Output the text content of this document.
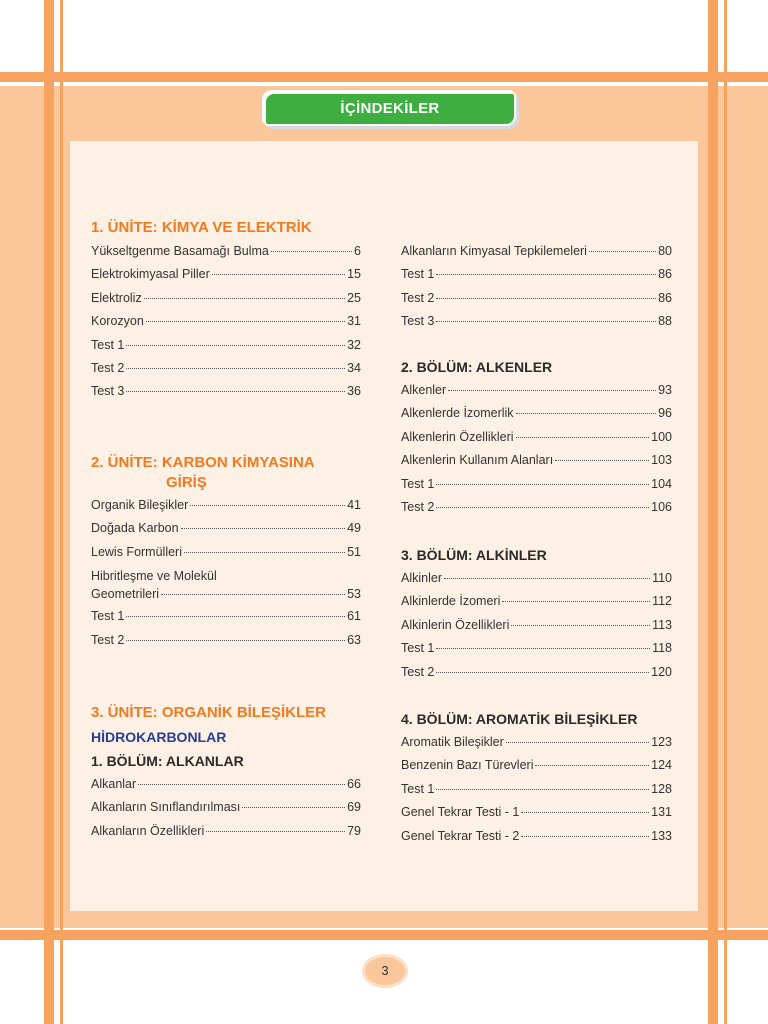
İÇİNDEKİLER
1. ÜNİTE: KİMYA VE ELEKTRİK
Yükseltgenme Basamağı Bulma	6
Elektrokimyasal Piller	15
Elektroliz	25
Korozyon	31
Test 1	32
Test 2	34
Test 3	36
2. ÜNİTE: KARBON KİMYASINA
GİRİŞ
Organik Bileşikler	41
Doğada Karbon	49
Lewis Formülleri	51
Hibritleşme ve Molekül
Geometrileri	53
Test 1	61
Test 2	63
3. ÜNİTE: ORGANİK BİLEŞİKLER
HİDROKARBONLAR
1. BÖLÜM: ALKANLAR
Alkanlar	66
Alkanların Sınıflandırılması	69
Alkanların Özellikleri	79
Alkanların Kimyasal Tepkilemeleri	80
Test 1	86
Test 2	86
Test 3	88
2. BÖLÜM: ALKENLER
Alkenler	93
Alkenlerde İzomerlik	96
Alkenlerin Özellikleri	100
Alkenlerin Kullanım Alanları	103
Test 1	104
Test 2	106
3. BÖLÜM: ALKİNLER
Alkinler	110
Alkinlerde İzomeri	112
Alkinlerin Özellikleri	113
Test 1	118
Test 2	120
4. BÖLÜM: AROMATİK BİLEŞİKLER
Aromatik Bileşikler	123
Benzenin Bazı Türevleri	124
Test 1	128
Genel Tekrar Testi - 1	131
Genel Tekrar Testi - 2	133
3
